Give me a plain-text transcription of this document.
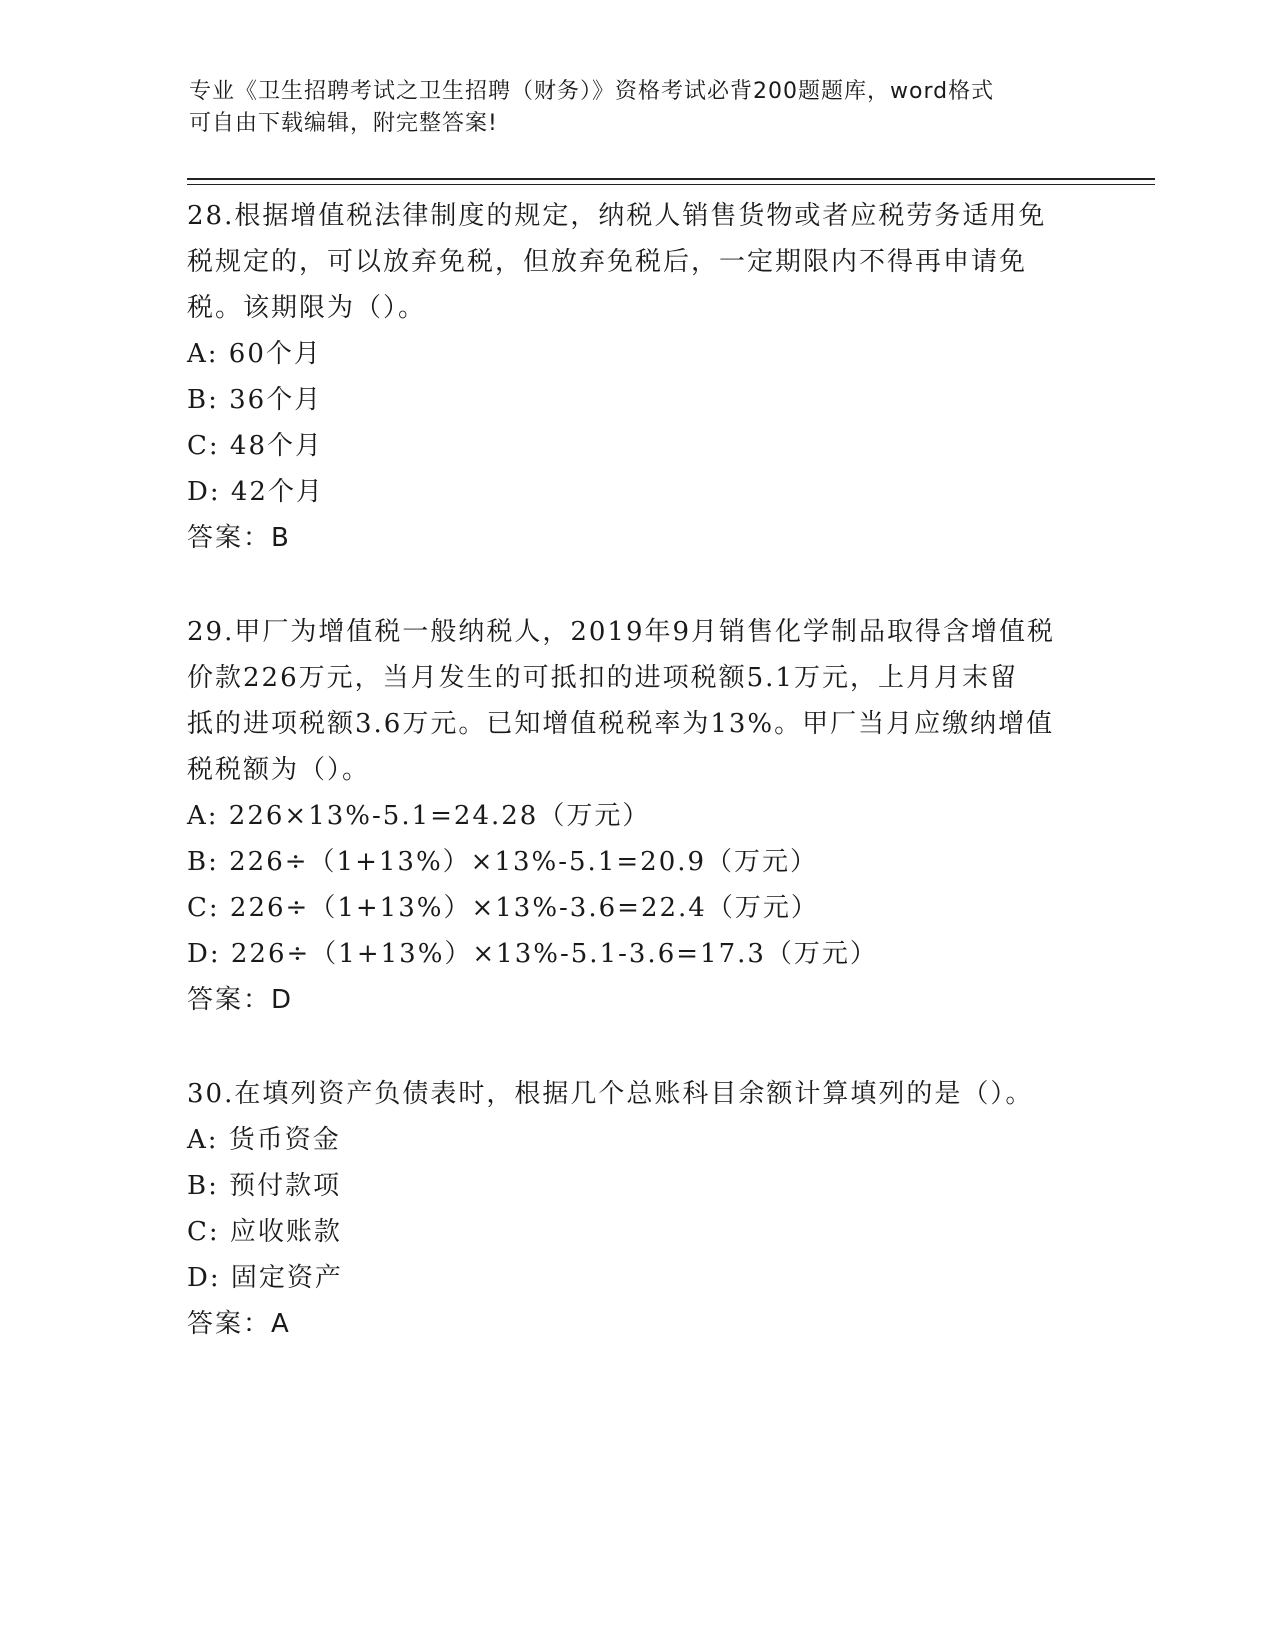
专业《卫生招聘考试之卫生招聘（财务）》资格考试必背200题题库，word格式
可自由下载编辑，附完整答案!
28.根据增值税法律制度的规定，纳税人销售货物或者应税劳务适用免
税规定的，可以放弃免税，但放弃免税后，一定期限内不得再申请免
税。该期限为（）。
A: 60个月
B: 36个月
C: 48个月
D: 42个月
答案：B
29.甲厂为增值税一般纳税人，2019年9月销售化学制品取得含增值税
价款226万元，当月发生的可抵扣的进项税额5.1万元，上月月末留
抵的进项税额3.6万元。已知增值税税率为13%。甲厂当月应缴纳增值
税税额为（）。
A: 226×13%-5.1=24.28（万元）
B: 226÷（1+13%）×13%-5.1=20.9（万元）
C: 226÷（1+13%）×13%-3.6=22.4（万元）
D: 226÷（1+13%）×13%-5.1-3.6=17.3（万元）
答案：D
30.在填列资产负债表时，根据几个总账科目余额计算填列的是（）。
A: 货币资金
B: 预付款项
C: 应收账款
D: 固定资产
答案：A
